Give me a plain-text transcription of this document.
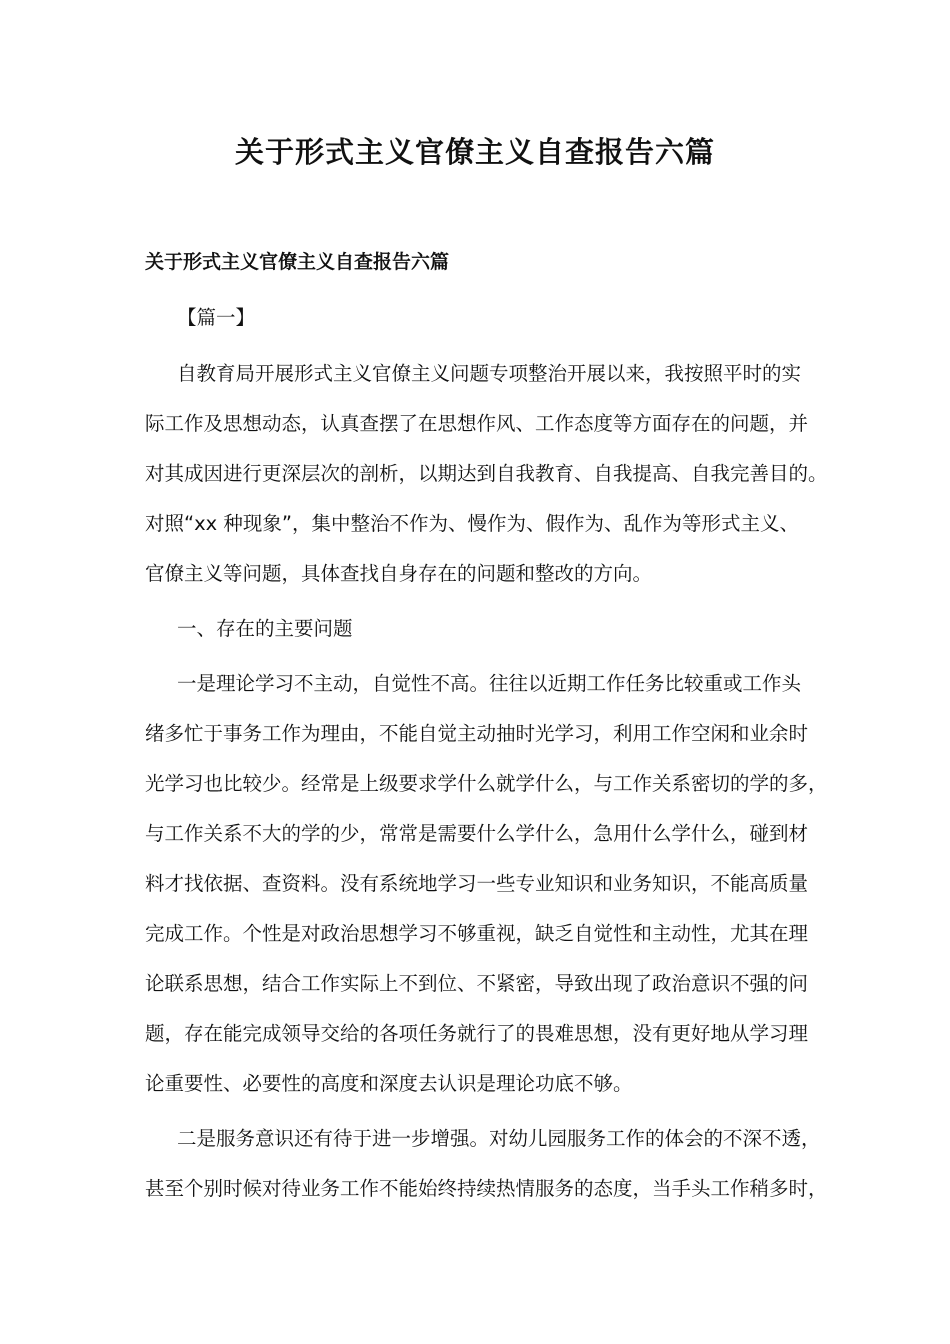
关于形式主义官僚主义自查报告六篇
关于形式主义官僚主义自查报告六篇

【篇一】

自教育局开展形式主义官僚主义问题专项整治开展以来，我按照平时的实

际工作及思想动态，认真查摆了在思想作风、工作态度等方面存在的问题，并

对其成因进行更深层次的剖析，以期达到自我教育、自我提高、自我完善目的。

对照“xx 种现象”，集中整治不作为、慢作为、假作为、乱作为等形式主义、

官僚主义等问题，具体查找自身存在的问题和整改的方向。

一、存在的主要问题

一是理论学习不主动，自觉性不高。往往以近期工作任务比较重或工作头

绪多忙于事务工作为理由，不能自觉主动抽时光学习，利用工作空闲和业余时

光学习也比较少。经常是上级要求学什么就学什么，与工作关系密切的学的多，

与工作关系不大的学的少，常常是需要什么学什么，急用什么学什么，碰到材

料才找依据、查资料。没有系统地学习一些专业知识和业务知识，不能高质量

完成工作。个性是对政治思想学习不够重视，缺乏自觉性和主动性，尤其在理

论联系思想，结合工作实际上不到位、不紧密，导致出现了政治意识不强的问

题，存在能完成领导交给的各项任务就行了的畏难思想，没有更好地从学习理

论重要性、必要性的高度和深度去认识是理论功底不够。

二是服务意识还有待于进一步增强。对幼儿园服务工作的体会的不深不透，

甚至个别时候对待业务工作不能始终持续热情服务的态度，当手头工作稍多时，
